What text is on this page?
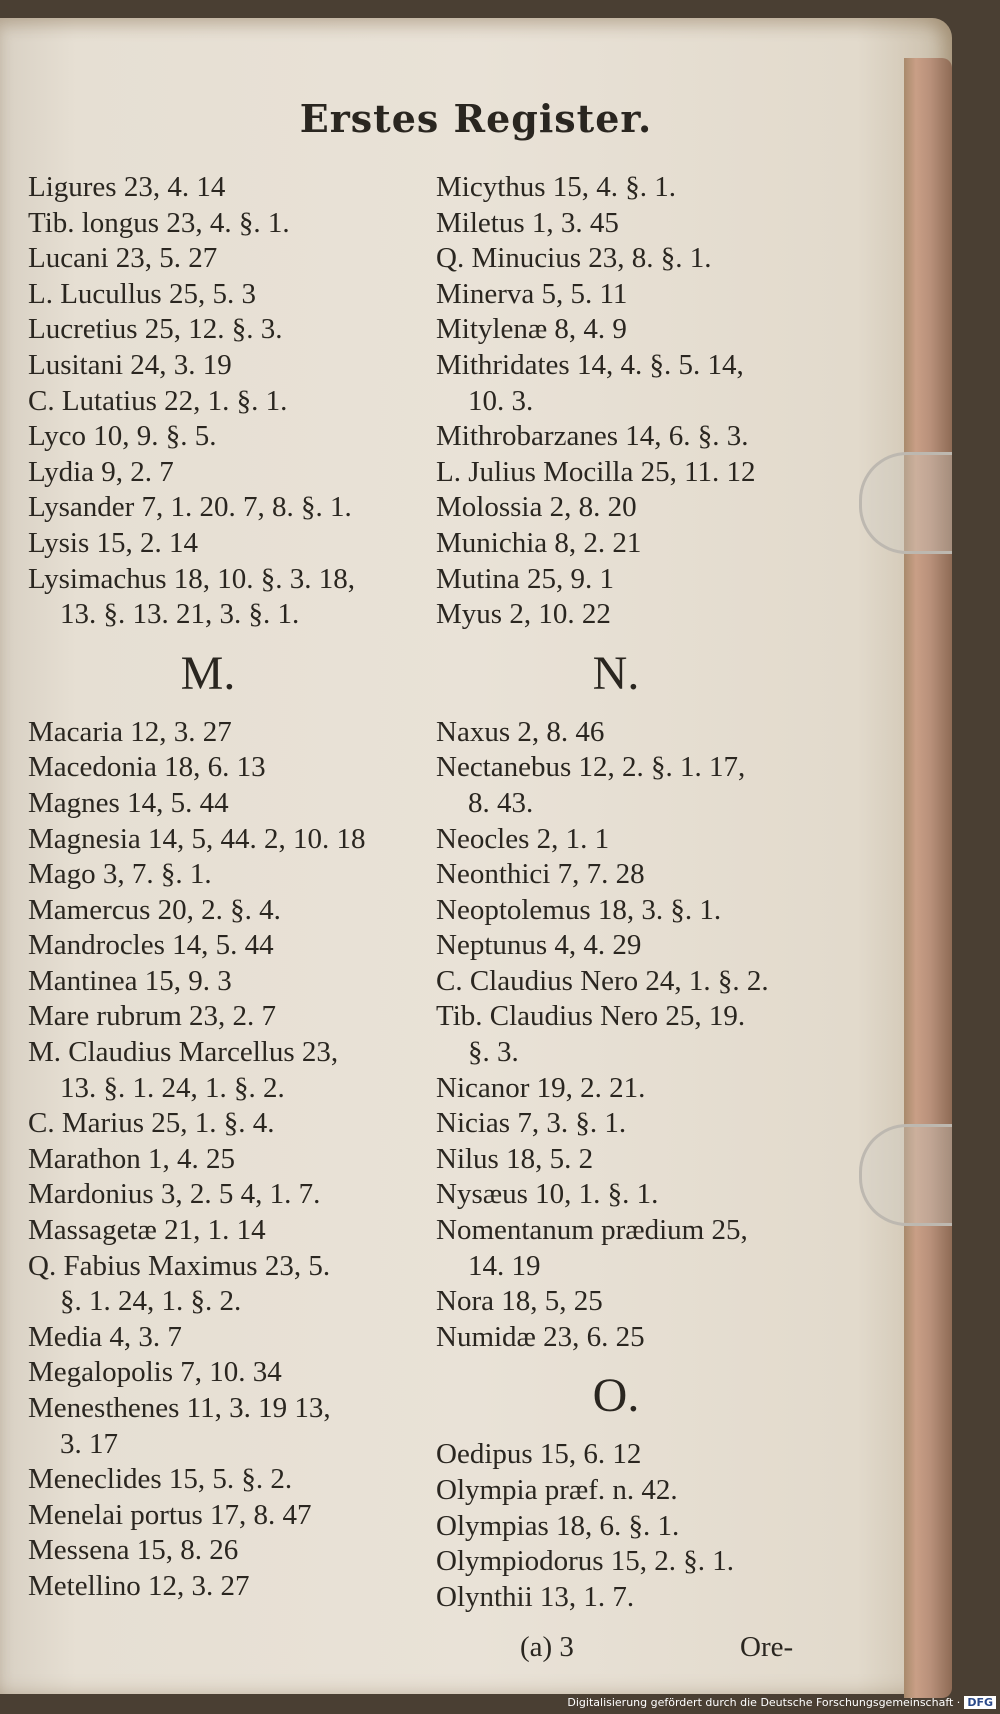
Erstes Register.
Ligures 23, 4. 14
Tib. longus 23, 4. §. 1.
Lucani 23, 5. 27
L. Lucullus 25, 5. 3
Lucretius 25, 12. §. 3.
Lusitani 24, 3. 19
C. Lutatius 22, 1. §. 1.
Lyco 10, 9. §. 5.
Lydia 9, 2. 7
Lysander 7, 1. 20. 7, 8. §. 1.
Lysis 15, 2. 14
Lysimachus 18, 10. §. 3. 18,
13. §. 13. 21, 3. §. 1.
M.
Macaria 12, 3. 27
Macedonia 18, 6. 13
Magnes 14, 5. 44
Magnesia 14, 5, 44. 2, 10. 18
Mago 3, 7. §. 1.
Mamercus 20, 2. §. 4.
Mandrocles 14, 5. 44
Mantinea 15, 9. 3
Mare rubrum 23, 2. 7
M. Claudius Marcellus 23,
13. §. 1. 24, 1. §. 2.
C. Marius 25, 1. §. 4.
Marathon 1, 4. 25
Mardonius 3, 2. 5 4, 1. 7.
Massagetæ 21, 1. 14
Q. Fabius Maximus 23, 5.
§. 1. 24, 1. §. 2.
Media 4, 3. 7
Megalopolis 7, 10. 34
Menesthenes 11, 3. 19 13,
3. 17
Meneclides 15, 5. §. 2.
Menelai portus 17, 8. 47
Messena 15, 8. 26
Metellino 12, 3. 27
Micythus 15, 4. §. 1.
Miletus 1, 3. 45
Q. Minucius 23, 8. §. 1.
Minerva 5, 5. 11
Mitylenæ 8, 4. 9
Mithridates 14, 4. §. 5. 14,
10. 3.
Mithrobarzanes 14, 6. §. 3.
L. Julius Mocilla 25, 11. 12
Molossia 2, 8. 20
Munichia 8, 2. 21
Mutina 25, 9. 1
Myus 2, 10. 22
N.
Naxus 2, 8. 46
Nectanebus 12, 2. §. 1. 17,
8. 43.
Neocles 2, 1. 1
Neonthici 7, 7. 28
Neoptolemus 18, 3. §. 1.
Neptunus 4, 4. 29
C. Claudius Nero 24, 1. §. 2.
Tib. Claudius Nero 25, 19.
§. 3.
Nicanor 19, 2. 21.
Nicias 7, 3. §. 1.
Nilus 18, 5. 2
Nysæus 10, 1. §. 1.
Nomentanum prædium 25,
14. 19
Nora 18, 5, 25
Numidæ 23, 6. 25
O.
Oedipus 15, 6. 12
Olympia præf. n. 42.
Olympias 18, 6. §. 1.
Olympiodorus 15, 2. §. 1.
Olynthii 13, 1. 7.
(a) 3	Ore-
Digitalisierung gefördert durch die Deutsche Forschungsgemeinschaft · DFG
